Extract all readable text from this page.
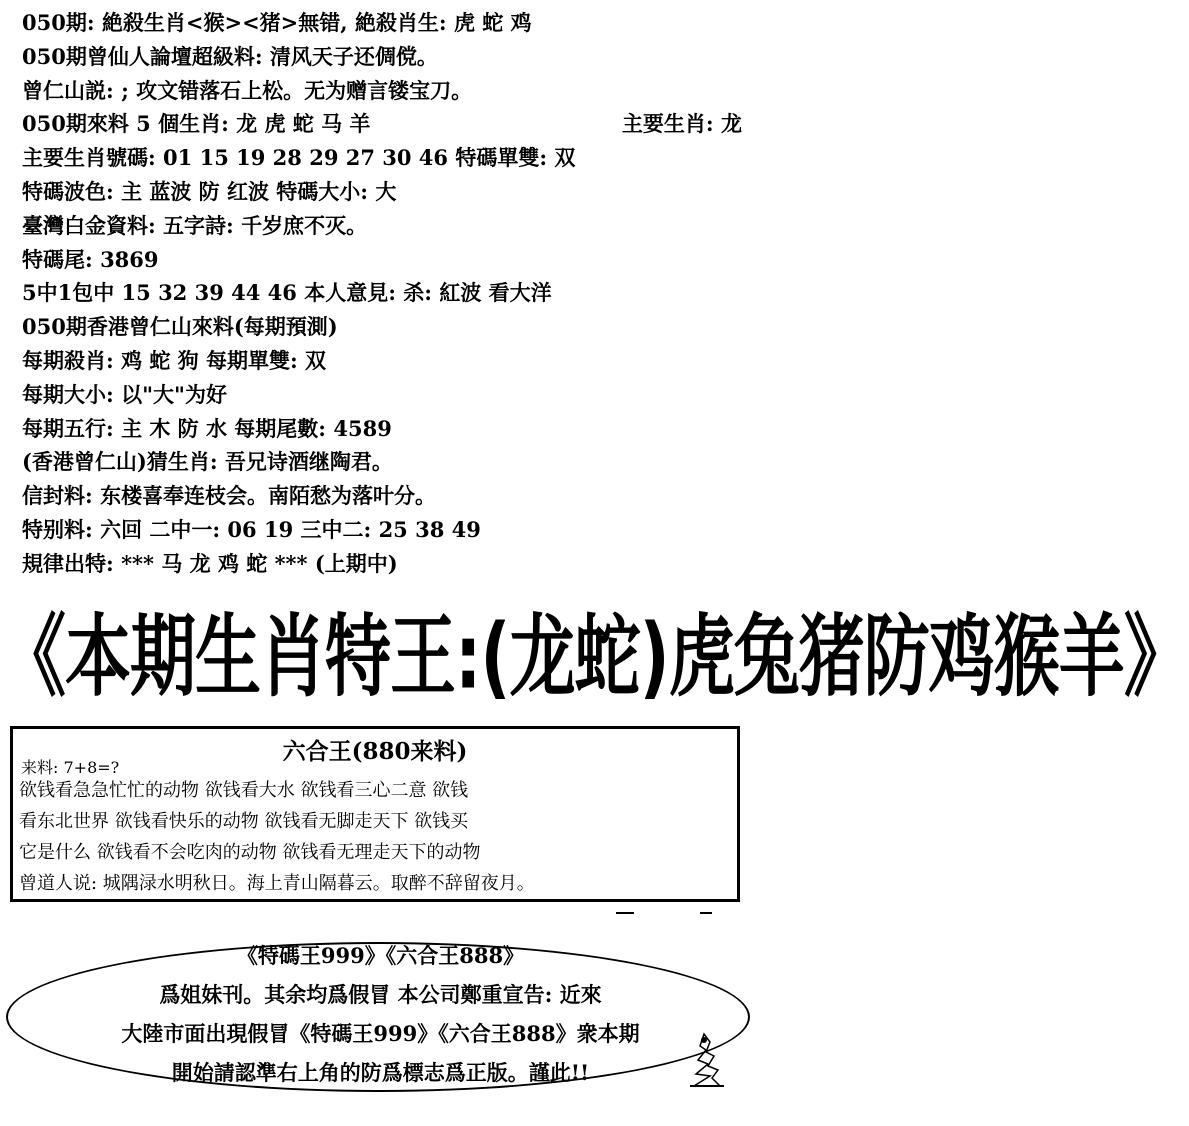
050期: 絶殺生肖<猴><猪>無错, 絶殺肖生: 虎 蛇 鸡
050期曾仙人論壇超級料: 清风天子还倜傥。
曾仁山説: ; 攻文错落石上松。无为赠言镂宝刀。
050期來料 5 個生肖: 龙 虎 蛇 马 羊	主要生肖: 龙
主要生肖號碼: 01 15 19 28 29 27 30 46 特碼單雙: 双
特碼波色: 主 蓝波 防 红波 特碼大小: 大
臺灣白金資料: 五字詩: 千岁庶不灭。
特碼尾: 3869
5中1包中 15 32 39 44 46 本人意見: 杀: 紅波 看大洋
050期香港曾仁山來料(每期預測)
每期殺肖: 鸡 蛇 狗 每期單雙: 双
每期大小: 以"大"为好
每期五行: 主 木 防 水 每期尾數: 4589
(香港曾仁山)猜生肖: 吾兄诗酒继陶君。
信封料: 东楼喜奉连枝会。南陌愁为落叶分。
特别料: 六回 二中一: 06 19 三中二: 25 38 49
規律出特: *** 马 龙 鸡 蛇 *** (上期中)
《本期生肖特王:(龙蛇)虎兔猪防鸡猴羊》
六合王(880来料)
来料: 7+8=?
欲钱看急急忙忙的动物 欲钱看大水 欲钱看三心二意 欲钱
看东北世界 欲钱看快乐的动物 欲钱看无脚走天下 欲钱买
它是什么 欲钱看不会吃肉的动物 欲钱看无理走天下的动物
曾道人说: 城隅渌水明秋日。海上青山隔暮云。取醉不辞留夜月。
《特碼王999》《六合王888》
爲姐妹刊。其余均爲假冒 本公司鄭重宣告: 近來
大陸市面出現假冒《特碼王999》《六合王888》衆本期
開始請認準右上角的防爲標志爲正版。謹此!!
